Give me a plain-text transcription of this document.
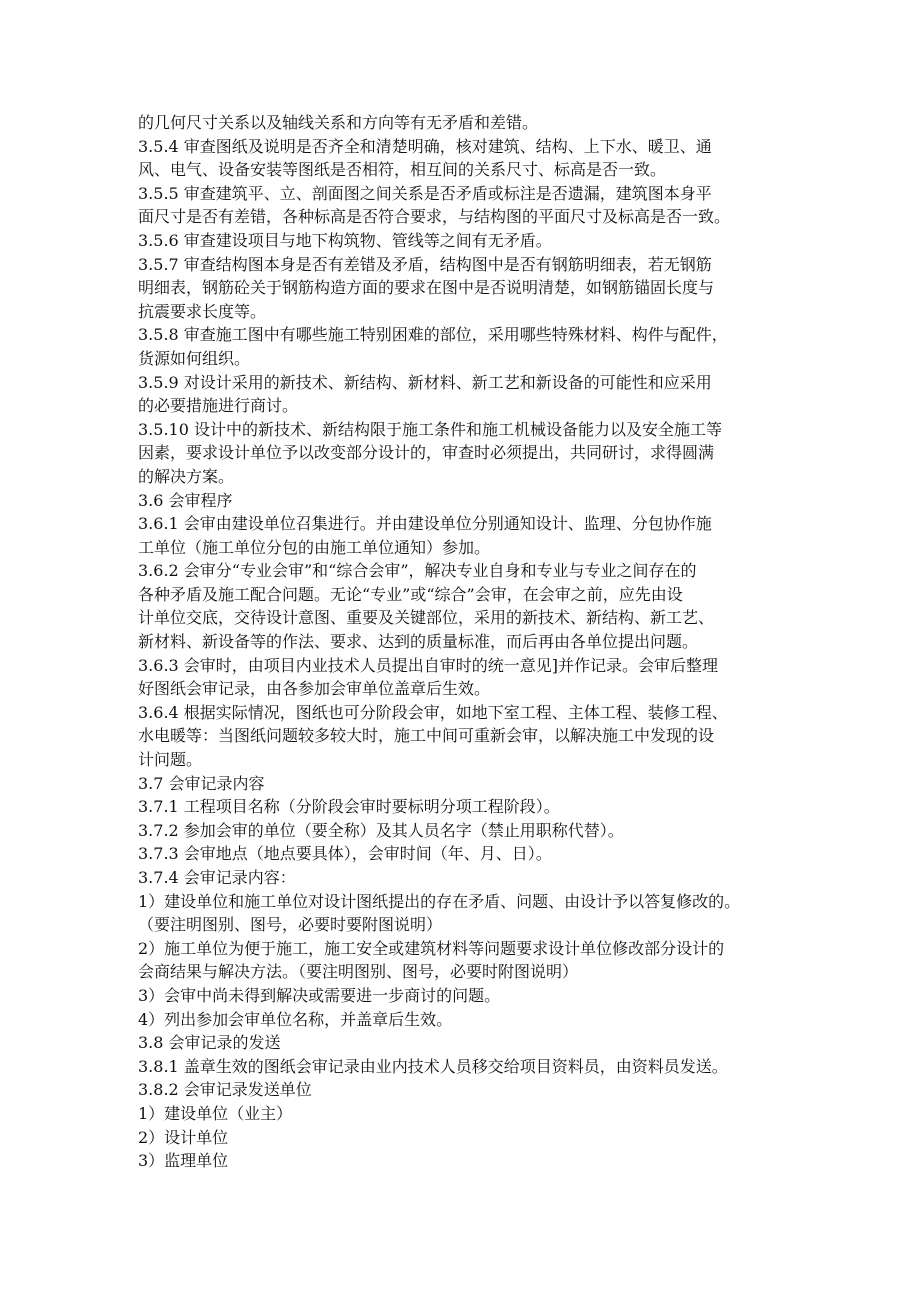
的几何尺寸关系以及轴线关系和方向等有无矛盾和差错。
3.5.4 审查图纸及说明是否齐全和清楚明确，核对建筑、结构、上下水、暖卫、通
风、电气、设备安装等图纸是否相符，相互间的关系尺寸、标高是否一致。
3.5.5 审查建筑平、立、剖面图之间关系是否矛盾或标注是否遗漏，建筑图本身平
面尺寸是否有差错，各种标高是否符合要求，与结构图的平面尺寸及标高是否一致。
3.5.6 审查建设项目与地下构筑物、管线等之间有无矛盾。
3.5.7 审查结构图本身是否有差错及矛盾，结构图中是否有钢筋明细表，若无钢筋
明细表，钢筋砼关于钢筋构造方面的要求在图中是否说明清楚，如钢筋锚固长度与
抗震要求长度等。
3.5.8 审查施工图中有哪些施工特别困难的部位，采用哪些特殊材料、构件与配件，
货源如何组织。
3.5.9 对设计采用的新技术、新结构、新材料、新工艺和新设备的可能性和应采用
的必要措施进行商讨。
3.5.10 设计中的新技术、新结构限于施工条件和施工机械设备能力以及安全施工等
因素，要求设计单位予以改变部分设计的，审查时必须提出，共同研讨，求得圆满
的解决方案。
3.6 会审程序
3.6.1 会审由建设单位召集进行。并由建设单位分别通知设计、监理、分包协作施
工单位（施工单位分包的由施工单位通知）参加。
3.6.2 会审分“专业会审”和“综合会审”，解决专业自身和专业与专业之间存在的
各种矛盾及施工配合问题。无论“专业”或“综合”会审，在会审之前，应先由设
计单位交底，交待设计意图、重要及关键部位，采用的新技术、新结构、新工艺、
新材料、新设备等的作法、要求、达到的质量标准，而后再由各单位提出问题。
3.6.3 会审时，由项目内业技术人员提出自审时的统一意见]并作记录。会审后整理
好图纸会审记录，由各参加会审单位盖章后生效。
3.6.4 根据实际情况，图纸也可分阶段会审，如地下室工程、主体工程、装修工程、
水电暖等：当图纸问题较多较大时，施工中间可重新会审，以解决施工中发现的设
计问题。
3.7 会审记录内容
3.7.1 工程项目名称（分阶段会审时要标明分项工程阶段）。
3.7.2 参加会审的单位（要全称）及其人员名字（禁止用职称代替）。
3.7.3 会审地点（地点要具体），会审时间（年、月、日）。
3.7.4 会审记录内容：
1）建设单位和施工单位对设计图纸提出的存在矛盾、问题、由设计予以答复修改的。
（要注明图别、图号，必要时要附图说明）
2）施工单位为便于施工，施工安全或建筑材料等问题要求设计单位修改部分设计的
会商结果与解决方法。（要注明图别、图号，必要时附图说明）
3）会审中尚未得到解决或需要进一步商讨的问题。
4）列出参加会审单位名称，并盖章后生效。
3.8 会审记录的发送
3.8.1 盖章生效的图纸会审记录由业内技术人员移交给项目资料员，由资料员发送。
3.8.2 会审记录发送单位
1）建设单位（业主）
2）设计单位
3）监理单位
